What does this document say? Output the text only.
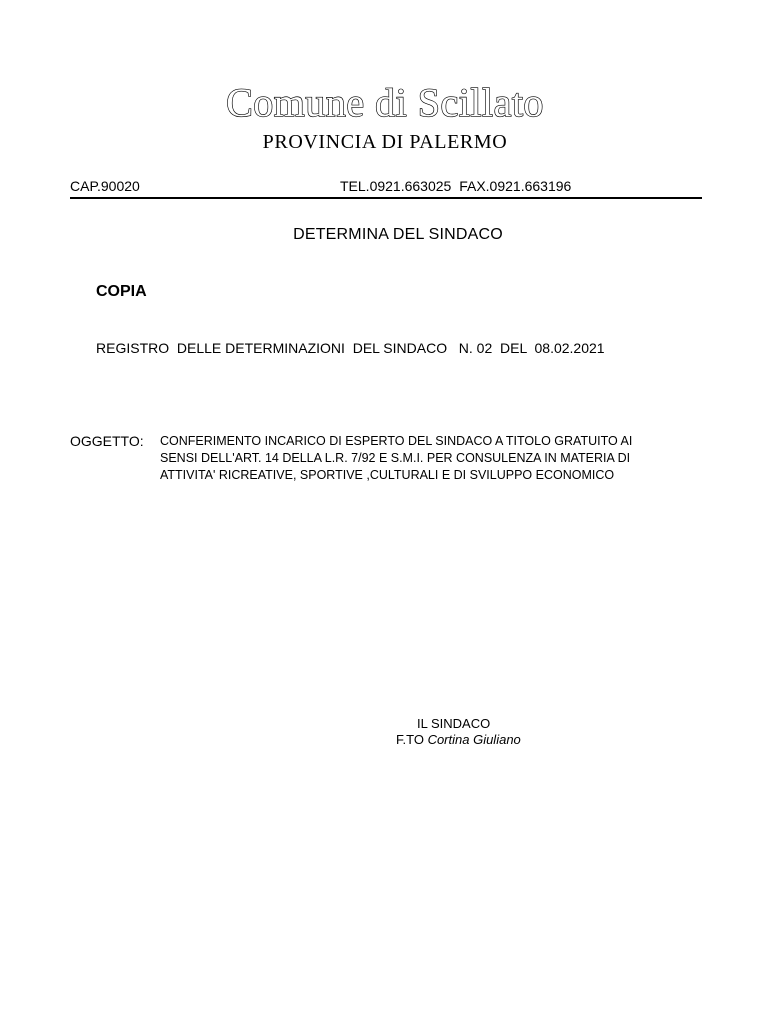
Comune di Scillato
PROVINCIA DI PALERMO
CAP.90020	TEL.0921.663025 FAX.0921.663196
DETERMINA DEL SINDACO
COPIA
REGISTRO  DELLE DETERMINAZIONI  DEL SINDACO   N. 02  DEL  08.02.2021
OGGETTO: CONFERIMENTO INCARICO DI ESPERTO DEL SINDACO A TITOLO GRATUITO AI
SENSI DELL'ART. 14 DELLA L.R. 7/92 E S.M.I. PER CONSULENZA IN MATERIA DI
ATTIVITA' RICREATIVE, SPORTIVE ,CULTURALI E DI SVILUPPO ECONOMICO
IL SINDACO
F.TO Cortina Giuliano
